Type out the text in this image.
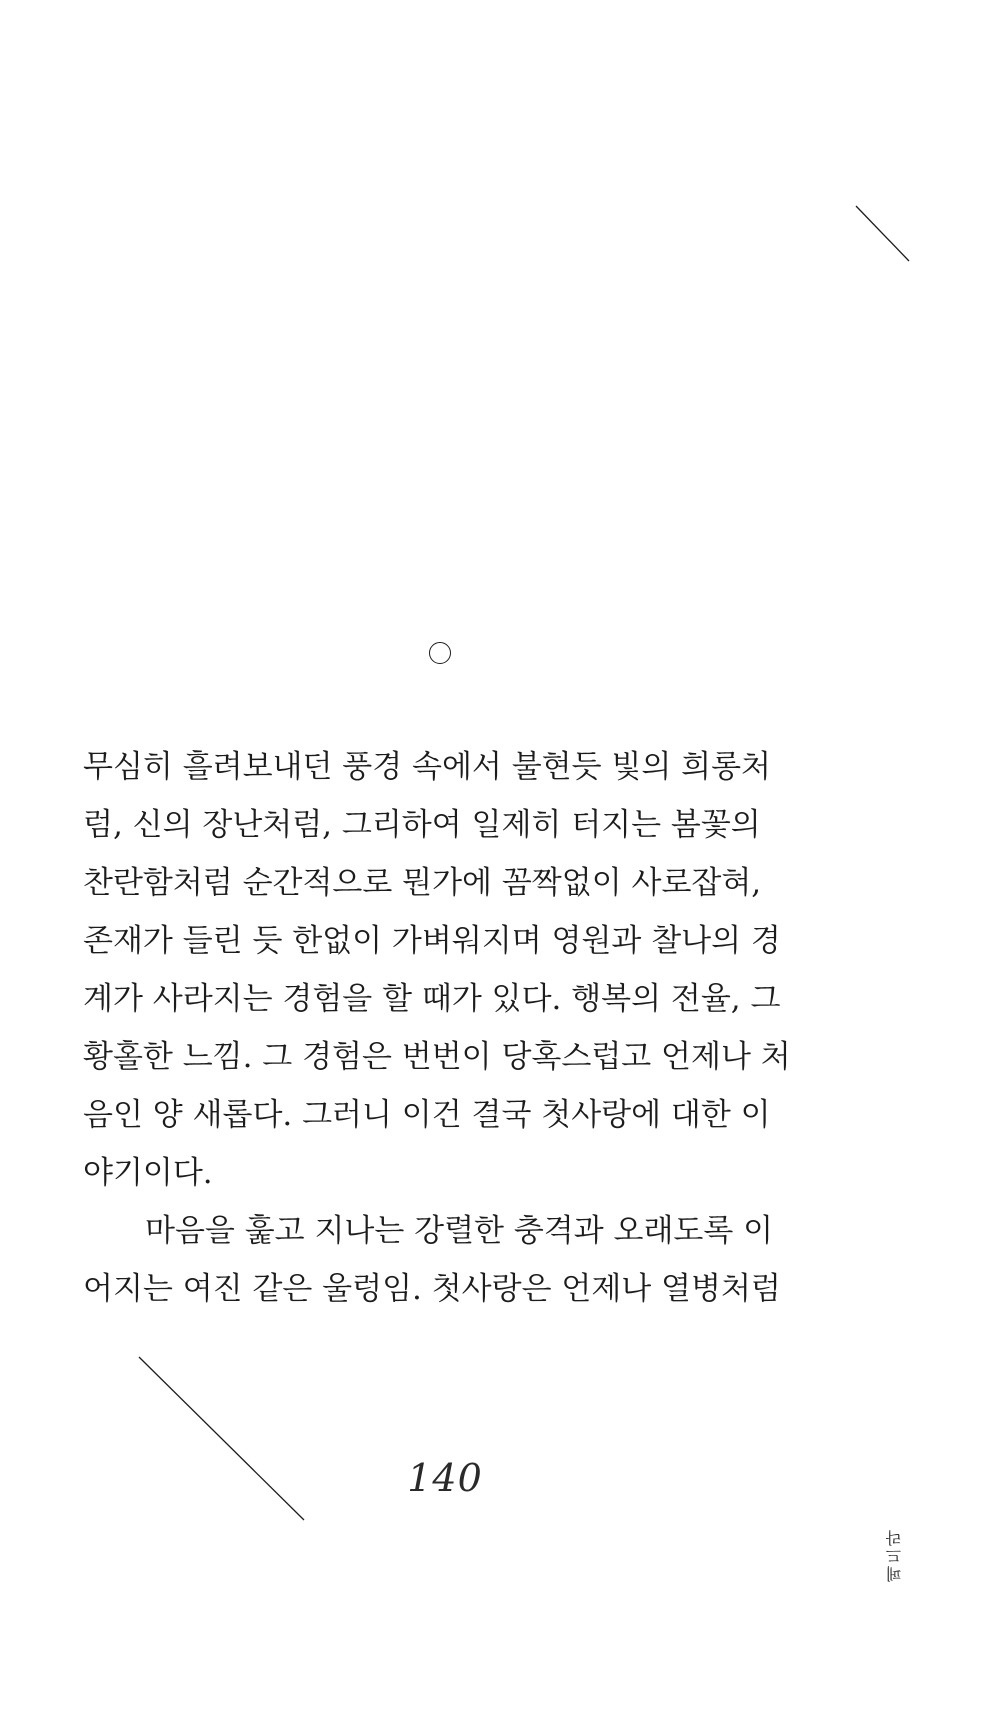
무심히 흘려보내던 풍경 속에서 불현듯 빛의 희롱처
럼, 신의 장난처럼, 그리하여 일제히 터지는 봄꽃의
찬란함처럼 순간적으로 뭔가에 꼼짝없이 사로잡혀,
존재가 들린 듯 한없이 가벼워지며 영원과 찰나의 경
계가 사라지는 경험을 할 때가 있다. 행복의 전율, 그
황홀한 느낌. 그 경험은 번번이 당혹스럽고 언제나 처
음인 양 새롭다. 그러니 이건 결국 첫사랑에 대한 이
야기이다.
마음을 훑고 지나는 강렬한 충격과 오래도록 이
어지는 여진 같은 울렁임. 첫사랑은 언제나 열병처럼
140
페드라
